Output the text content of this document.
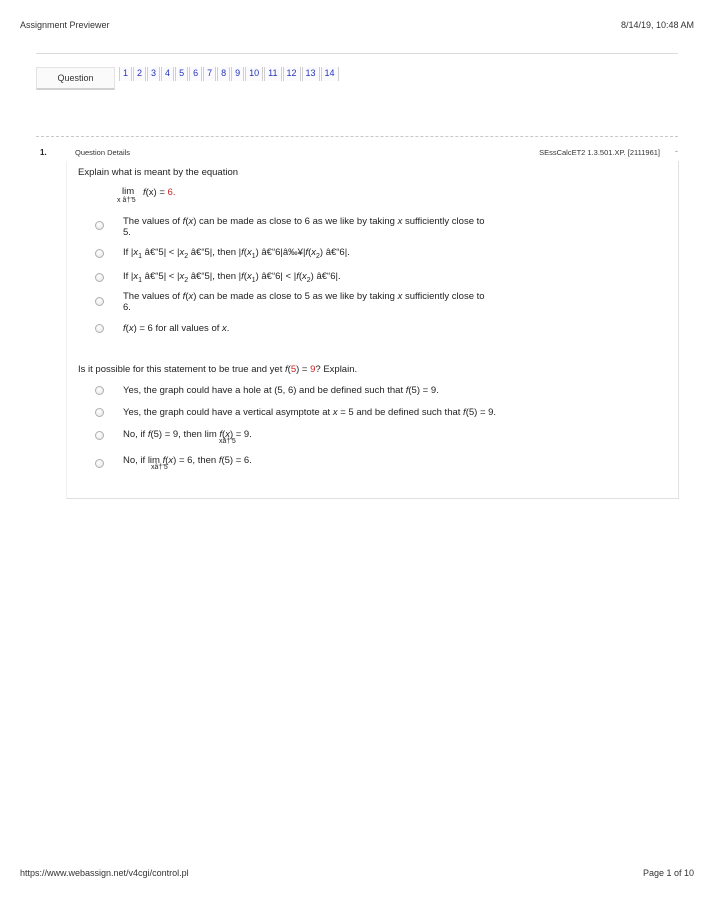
Assignment Previewer	8/14/19, 10:48 AM
Question	1	2	3	4	5	6	7	8	9	10	11	12	13	14
1.	Question Details	SEssCalcET2 1.3.501.XP. [2111961] -
Explain what is meant by the equation
lim
x â†’5
f(x) = 6.
The values of f(x) can be made as close to 6 as we like by taking x sufficiently close to
5.
If $|x_1$ â€“5| < $|x_2$ â€“5|, then $|f(x_1)$ $â€“6|â‰¥|f(x_2)$ â€“6|.
If $|x_1$ â€“5| < $|x_2$ â€“5|, then $|f(x_1)$ â€“6| < $|f(x_2)$ â€“6|.
The values of f(x) can be made as close to 5 as we like by taking x sufficiently close to
6.
f(x) = 6 for all values of x.
Is it possible for this statement to be true and yet f(5) = 9? Explain.
Yes, the graph could have a hole at (5, 6) and be defined such that f(5) = 9.
Yes, the graph could have a vertical asymptote at x = 5 and be defined such that f(5) = 9.
No, if f(5) = 9, then lim f(x) = 9.
xâ†’5
No, if lim f(x) = 6, then f(5) = 6.
xâ†’5
https://www.webassign.net/v4cgi/control.pl	Page 1 of 10
